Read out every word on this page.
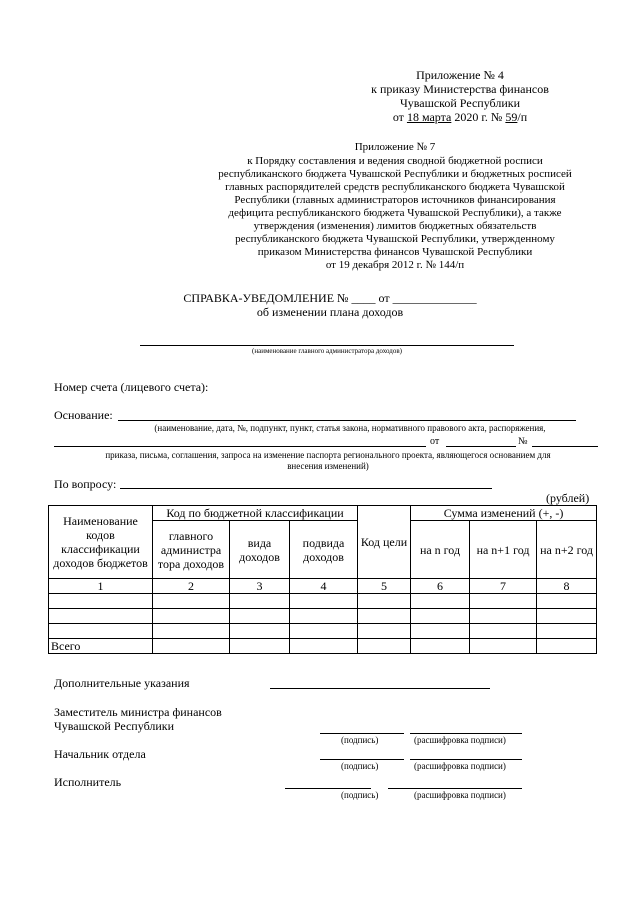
Приложение № 4
к приказу Министерства финансов
Чувашской Республики
от 18 марта 2020 г. № 59/п
Приложение № 7
к Порядку составления и ведения сводной бюджетной росписи
республиканского бюджета Чувашской Республики и бюджетных росписей
главных распорядителей средств республиканского бюджета Чувашской
Республики (главных администраторов источников финансирования
дефицита республиканского бюджета Чувашской Республики), а также
утверждения (изменения) лимитов бюджетных обязательств
республиканского бюджета Чувашской Республики, утвержденному
приказом Министерства финансов Чувашской Республики
от 19 декабря 2012 г. № 144/п
СПРАВКА-УВЕДОМЛЕНИЕ № ____ от ______________
об изменении плана доходов
(наименование главного администратора доходов)
Номер счета (лицевого счета):
Основание:
(наименование, дата, №, подпункт, пункт, статья закона, нормативного правового акта, распоряжения,
от	№
приказа, письма, соглашения, запроса на изменение паспорта регионального проекта, являющегося основанием для
внесения изменений)
По вопросу:
(рублей)
Наименование кодов классификации доходов бюджетов	Код по бюджетной классификации			Код цели	Сумма изменений (+, -)		
	главного администра тора доходов	вида доходов	подвида доходов		на n год	на n+1 год	на n+2 год
1	2	3	4	5	6	7	8

Всего							
Дополнительные указания
Заместитель министра финансов
Чувашской Республики
(подпись)	(расшифровка подписи)
Начальник отдела
(подпись)	(расшифровка подписи)
Исполнитель
(подпись)	(расшифровка подписи)
